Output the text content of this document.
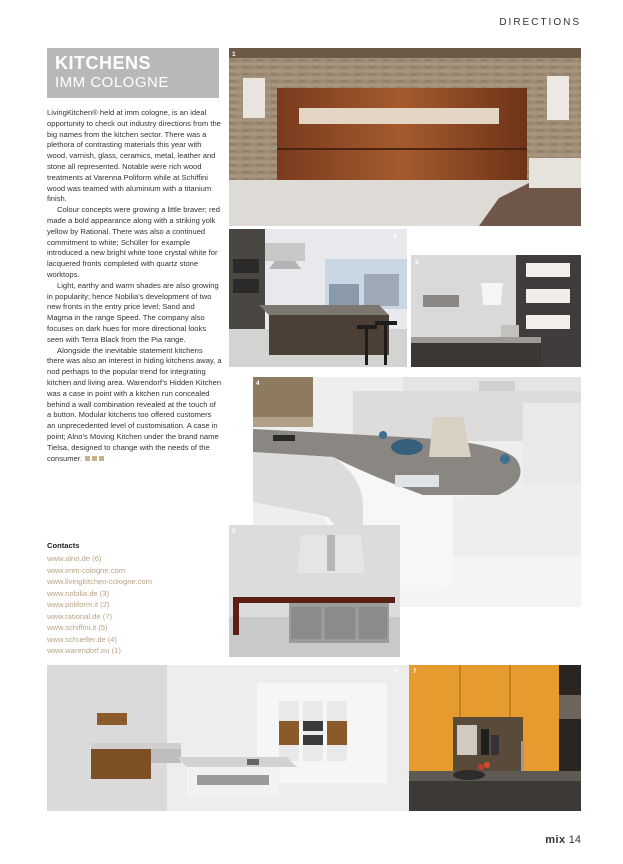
DIRECTIONS
KITCHENS
IMM COLOGNE

LivingKitchen® held at imm cologne, is an ideal opportunity to check out industry directions from the big names from the kitchen sector. There was a plethora of contrasting materials this year with wood, varnish, glass, ceramics, metal, leather and stone all represented. Notable were rich wood treatments at Varenna Poliform while at Schiffini wood was teamed with aluminium with a titanium finish.

Colour concepts were growing a little braver; red made a bold appearance along with a striking yolk yellow by Rational. There was also a continued commitment to white; Schüller for example introduced a new bright white tone crystal white for lacquered fronts completed with quartz stone worktops.

Light, earthy and warm shades are also growing in popularity; hence Nobilia’s development of two new fronts in the entry price level; Sand and Magma in the range Speed. The company also focuses on dark hues for more directional looks seen with Terra Black from the Pia range.

Alongside the inevitable statement kitchens there was also an interest in hiding kitchens away, a nod perhaps to the popular trend for integrating kitchen and living area. Warendorf’s Hidden Kitchen was a case in point with a kitchen run concealed behind a wall combination revealed at the touch of a button. Modular kitchens too offered customers an unprecedented level of customisation. A case in point; Alno’s Moving Kitchen under the brand name Tielsa, designed to change with the needs of the consumer.

Contacts
www.alno.de (6)
www.imm-cologne.com
www.livingkitchen-cologne.com
www.nobilia.de (3)
www.poliform.it (2)
www.rational.de (7)
www.schiffini.it (5)
www.schueller.de (4)
www.warendorf.eu (1)
1
2
3
4
5
6 7
mix 14
